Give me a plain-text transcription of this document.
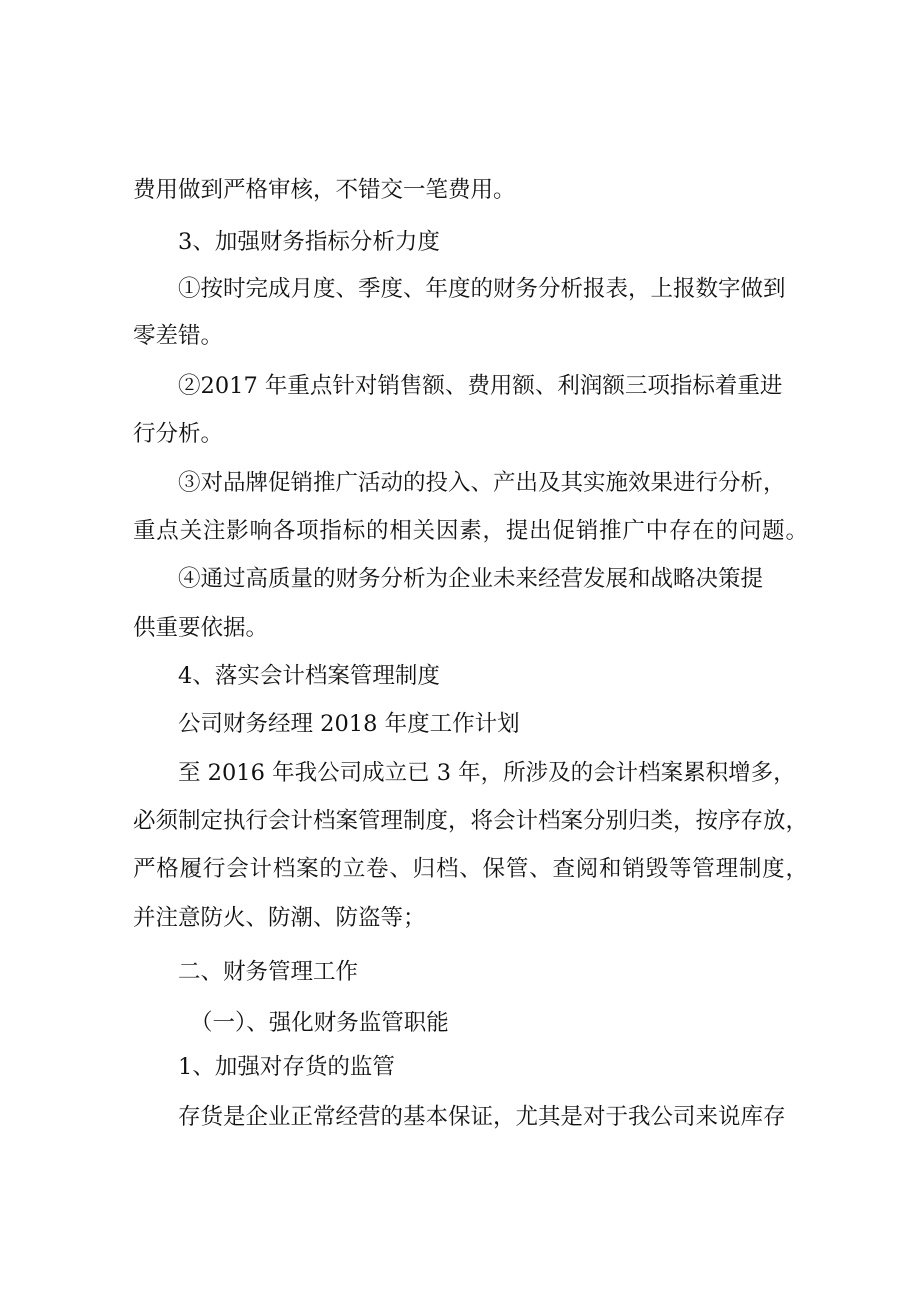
费用做到严格审核，不错交一笔费用。
3、加强财务指标分析力度
①按时完成月度、季度、年度的财务分析报表，上报数字做到
零差错。
②2017 年重点针对销售额、费用额、利润额三项指标着重进
行分析。
③对品牌促销推广活动的投入、产出及其实施效果进行分析，
重点关注影响各项指标的相关因素，提出促销推广中存在的问题。
④通过高质量的财务分析为企业未来经营发展和战略决策提
供重要依据。
4、落实会计档案管理制度
公司财务经理 2018 年度工作计划
至 2016 年我公司成立已 3 年，所涉及的会计档案累积增多，
必须制定执行会计档案管理制度，将会计档案分别归类，按序存放，
严格履行会计档案的立卷、归档、保管、查阅和销毁等管理制度，
并注意防火、防潮、防盗等；
二、财务管理工作
（一）、强化财务监管职能
1、加强对存货的监管
存货是企业正常经营的基本保证，尤其是对于我公司来说库存
